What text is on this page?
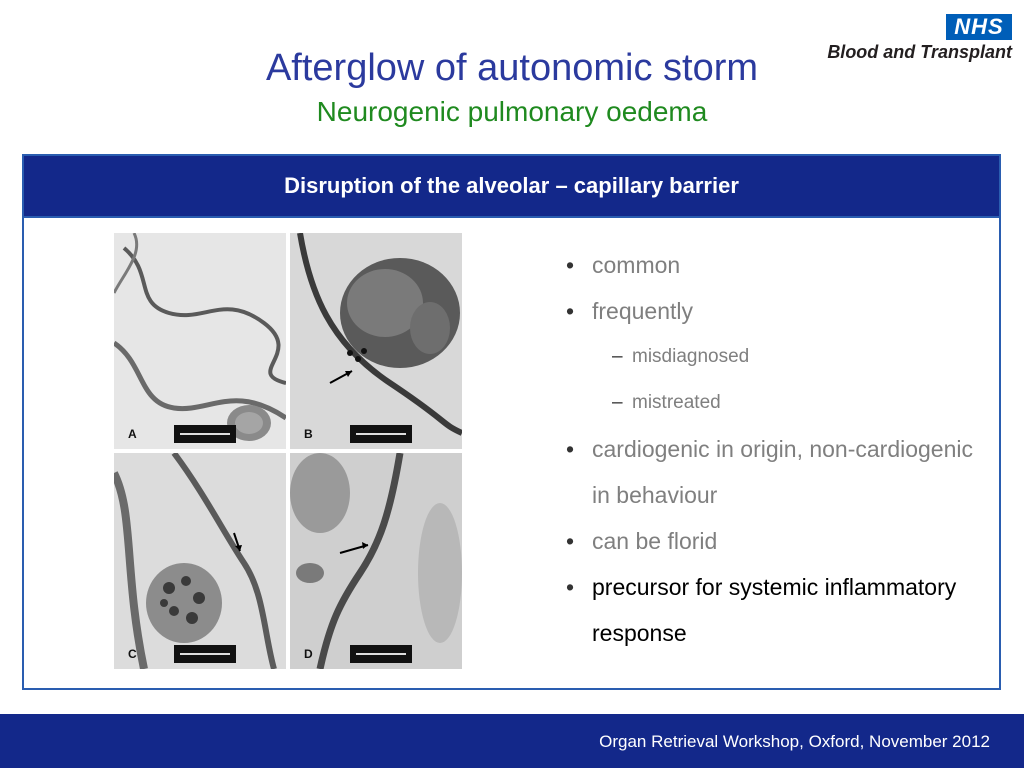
Afterglow of autonomic storm
Neurogenic pulmonary oedema
NHS
Blood and Transplant
Disruption of the alveolar – capillary barrier
A	B
C	D
• common
• frequently
– misdiagnosed
– mistreated
• cardiogenic in origin, non-cardiogenic in behaviour
• can be florid
• precursor for systemic inflammatory response
Organ Retrieval Workshop, Oxford, November 2012
